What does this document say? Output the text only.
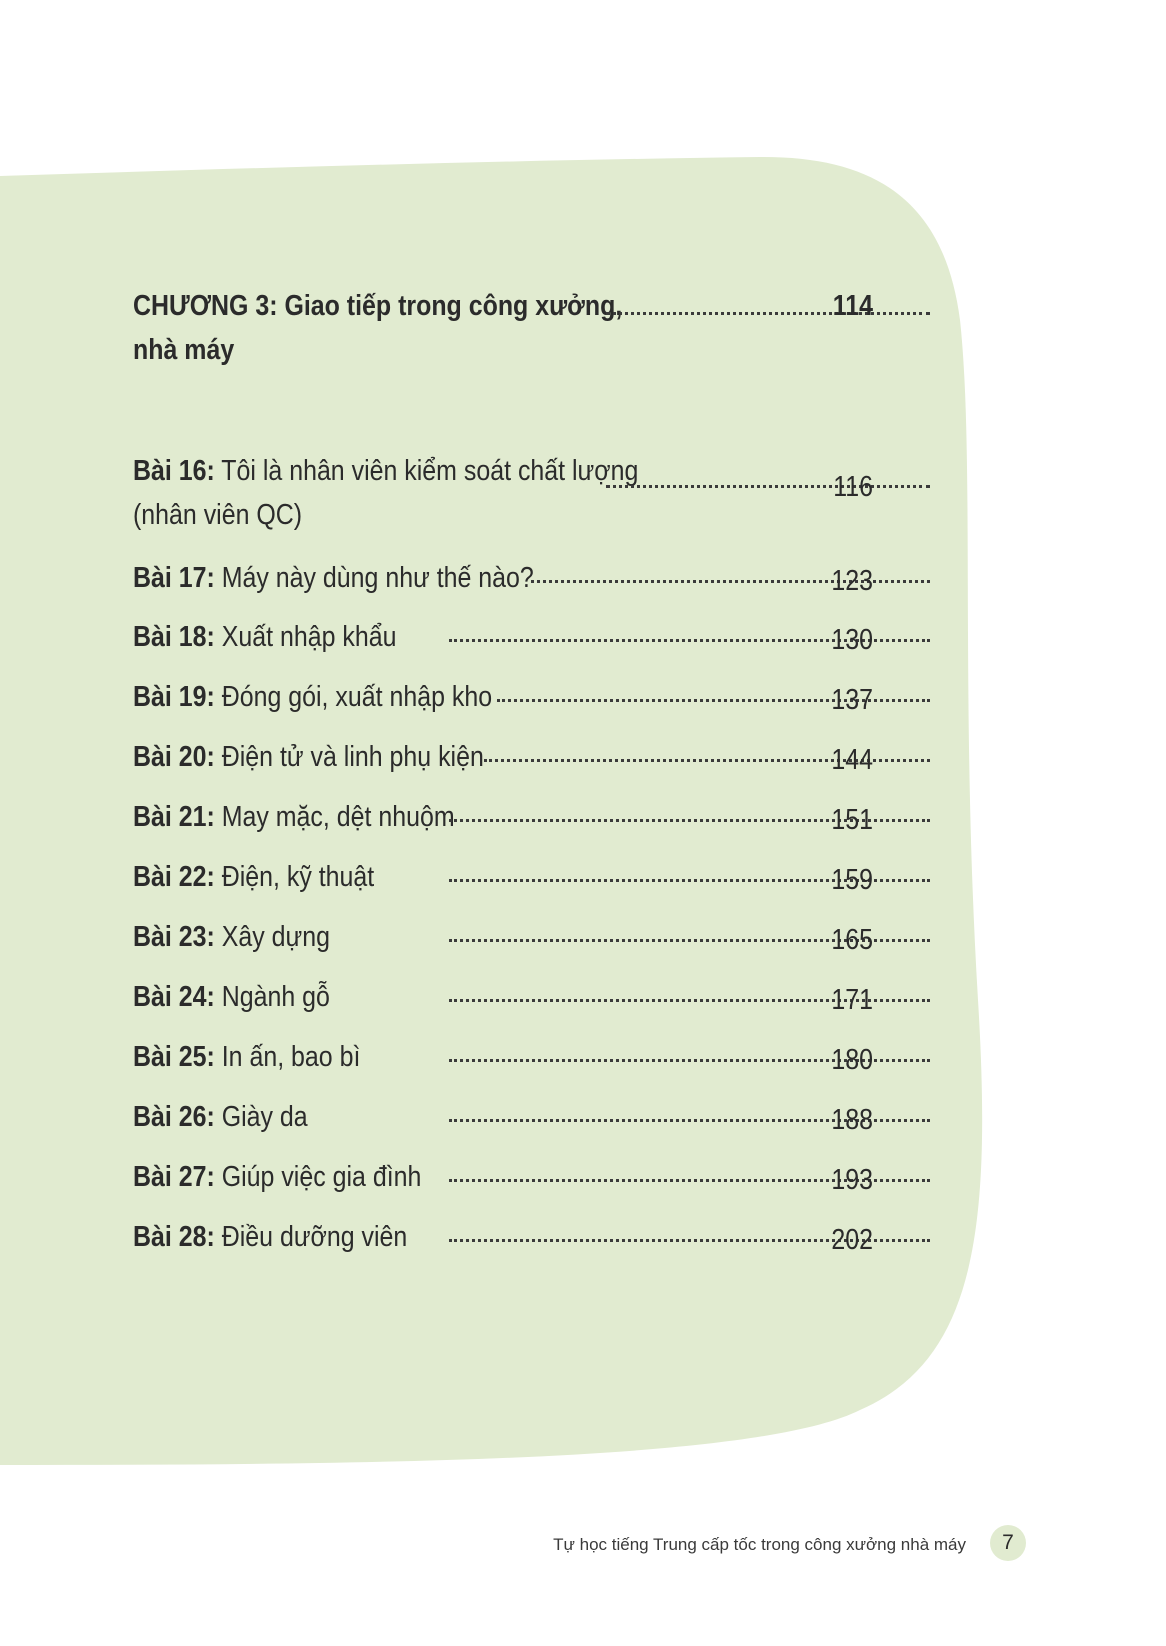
CHƯƠNG 3: Giao tiếp trong công xưởng,
nhà máy
114
Bài 16: Tôi là nhân viên kiểm soát chất lượng
(nhân viên QC)
116
Bài 17: Máy này dùng như thế nào?	123
Bài 18: Xuất nhập khẩu	130
Bài 19: Đóng gói, xuất nhập kho	137
Bài 20: Điện tử và linh phụ kiện	144
Bài 21: May mặc, dệt nhuộm	151
Bài 22: Điện, kỹ thuật	159
Bài 23: Xây dựng	165
Bài 24: Ngành gỗ	171
Bài 25: In ấn, bao bì	180
Bài 26: Giày da	188
Bài 27: Giúp việc gia đình	193
Bài 28: Điều dưỡng viên	202
Tự học tiếng Trung cấp tốc trong công xưởng nhà máy	7
